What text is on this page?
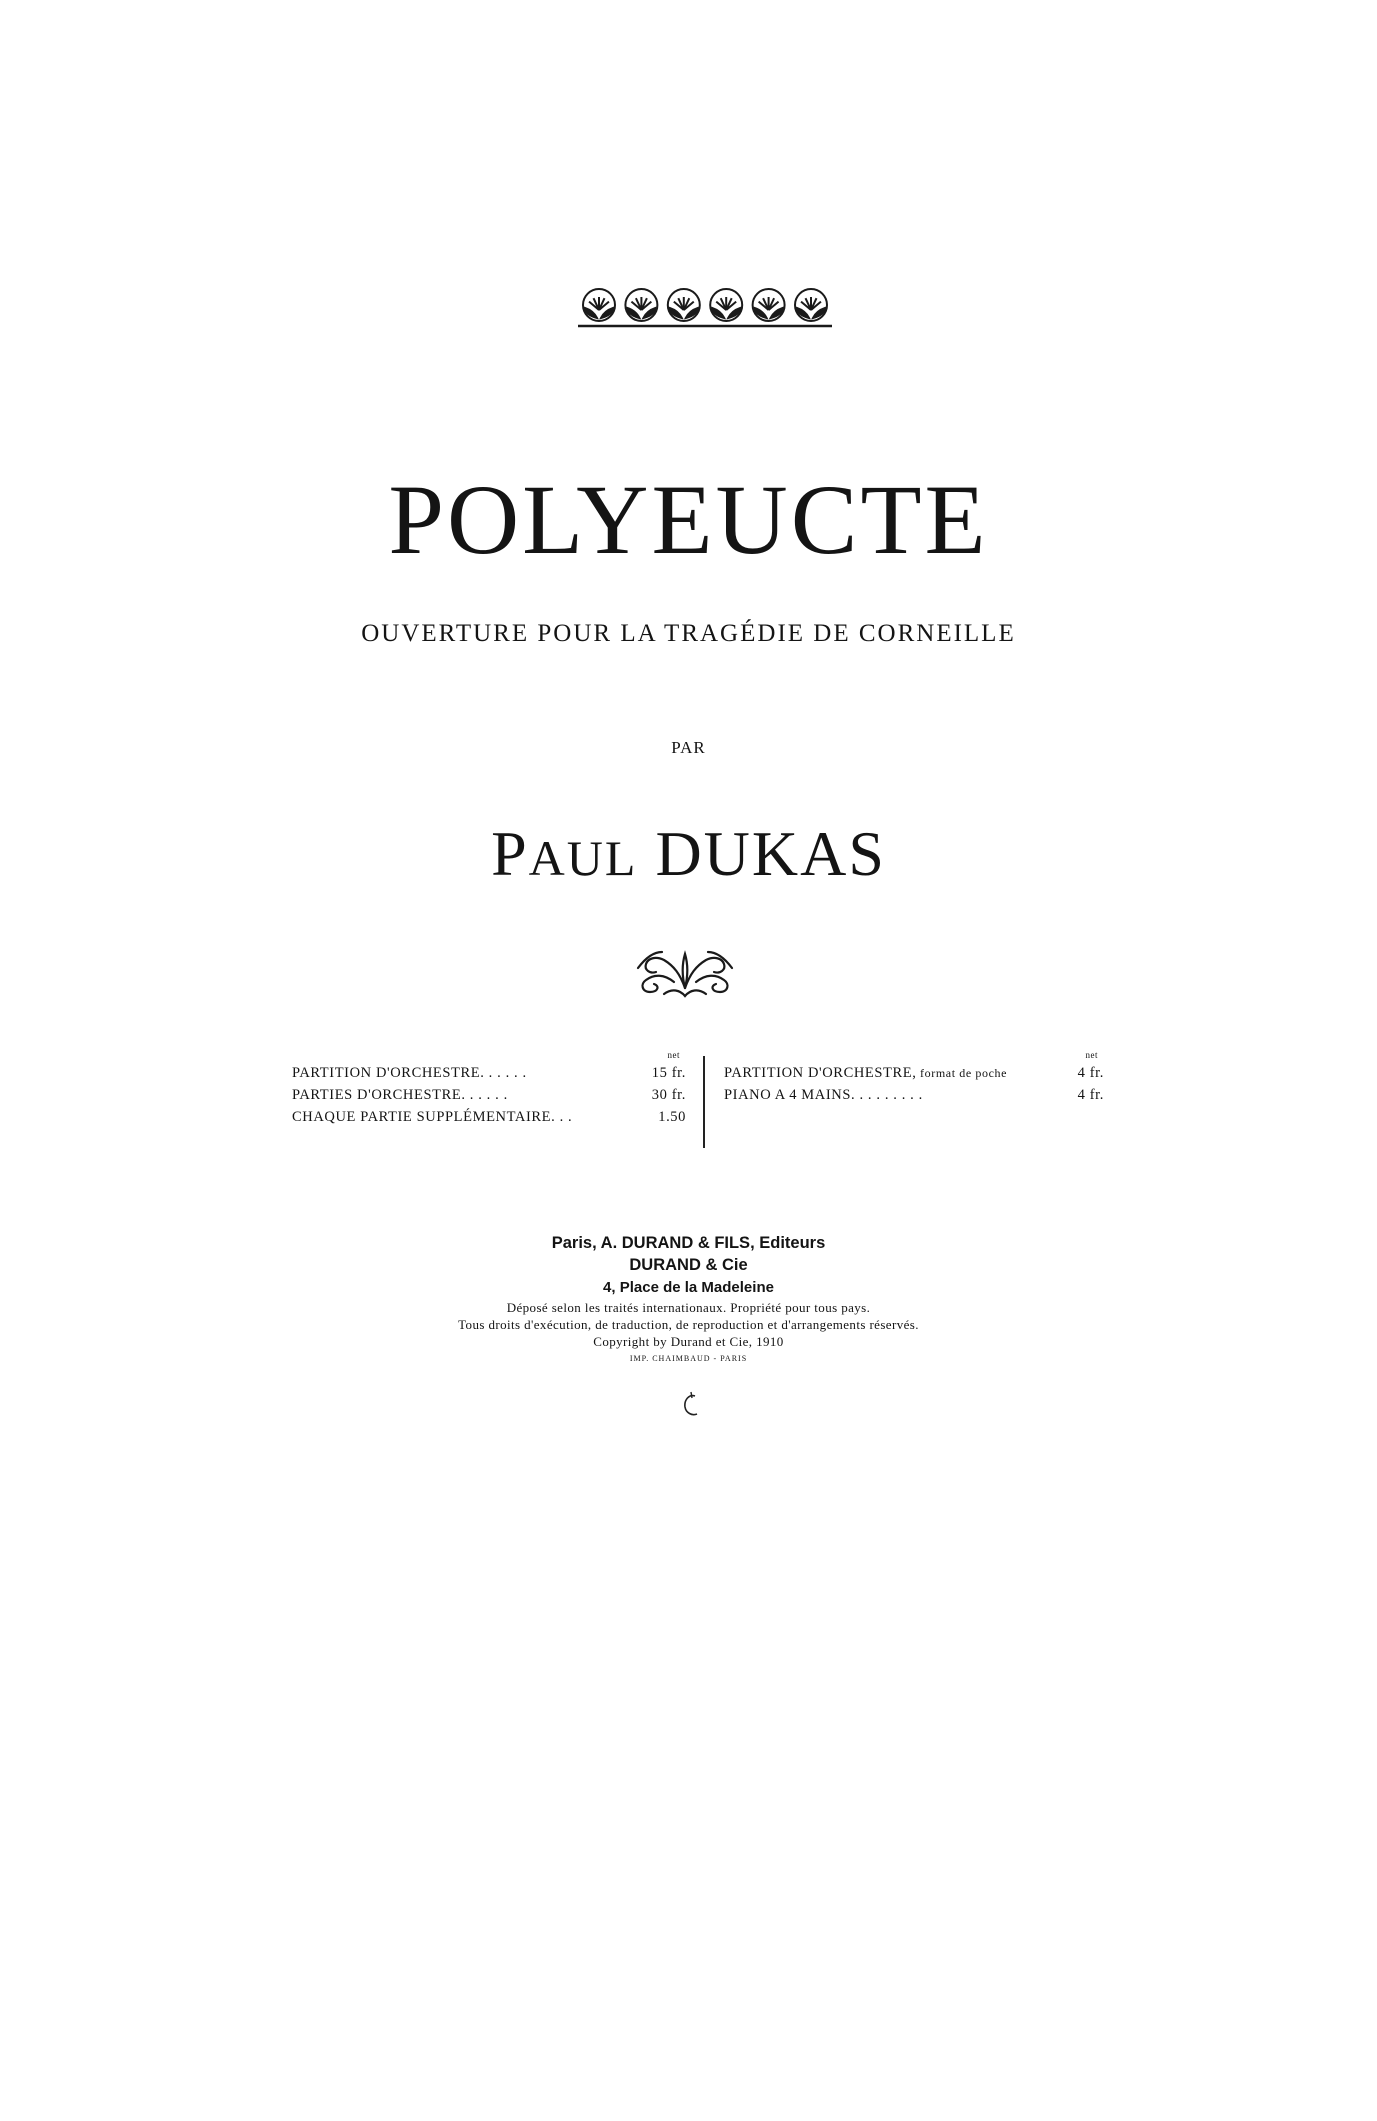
POLYEUCTE
OUVERTURE POUR LA TRAGÉDIE DE CORNEILLE
PAR
PAUL DUKAS
net
PARTITION D'ORCHESTRE. . . . . .	15 fr.
PARTIES D'ORCHESTRE. . . . . .	30 fr.
CHAQUE PARTIE SUPPLÉMENTAIRE. . .	1.50
net
PARTITION D'ORCHESTRE, format de poche	4 fr.
PIANO A 4 MAINS. . . . . . . . .	4 fr.
Paris, A. DURAND & FILS, Editeurs
DURAND & Cie
4, Place de la Madeleine
Déposé selon les traités internationaux. Propriété pour tous pays.
Tous droits d'exécution, de traduction, de reproduction et d'arrangements réservés.
Copyright by Durand et Cie, 1910
IMP. CHAIMBAUD - PARIS
